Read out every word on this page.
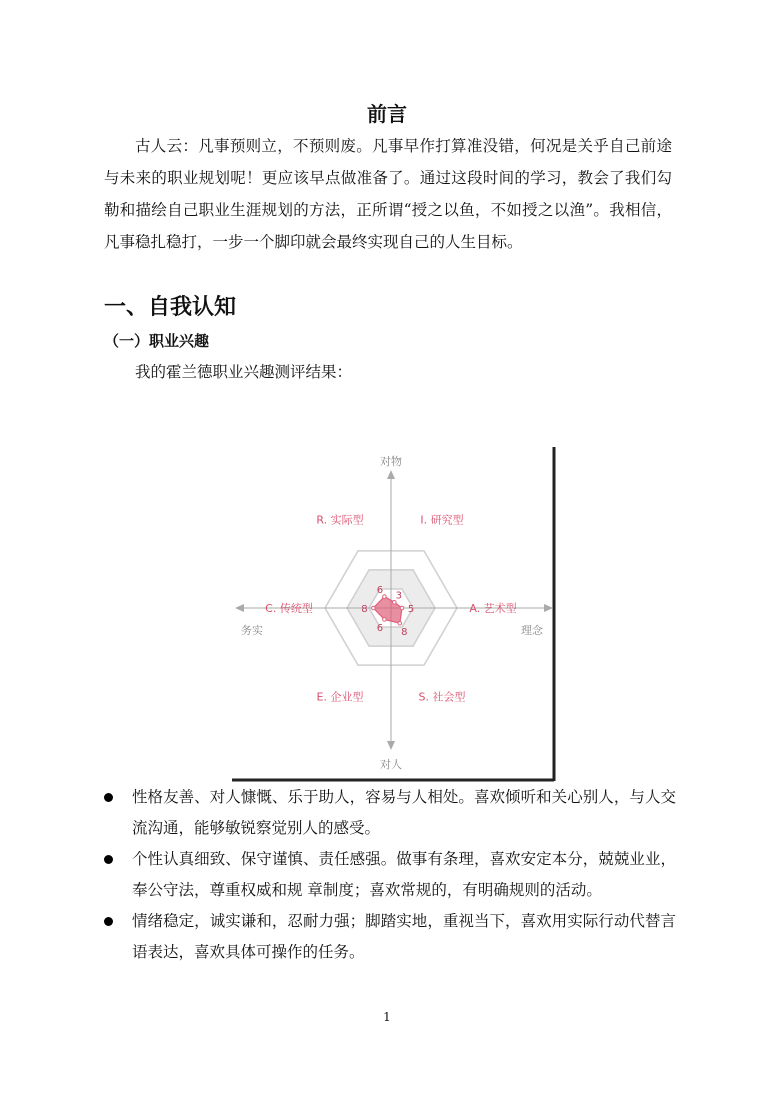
前言
古人云：凡事预则立，不预则废。凡事早作打算准没错，何况是关乎自己前途与未来的职业规划呢！更应该早点做准备了。通过这段时间的学习，教会了我们勾勒和描绘自己职业生涯规划的方法，正所谓“授之以鱼，不如授之以渔”。我相信，凡事稳扎稳打，一步一个脚印就会最终实现自己的人生目标。
一、自我认知
（一）职业兴趣
我的霍兰德职业兴趣测评结果：
6
3
5
8
6
8
R. 实际型	I. 研究型
A. 艺术型
S. 社会型
E. 企业型
C. 传统型
对物
对人
务实	理念
性格友善、对人慷慨、乐于助人，容易与人相处。喜欢倾听和关心别人，与人交流沟通，能够敏锐察觉别人的感受。
个性认真细致、保守谨慎、责任感强。做事有条理，喜欢安定本分，兢兢业业，奉公守法，尊重权威和规 章制度；喜欢常规的，有明确规则的活动。
情绪稳定，诚实谦和，忍耐力强；脚踏实地，重视当下，喜欢用实际行动代替言语表达，喜欢具体可操作的任务。
1
